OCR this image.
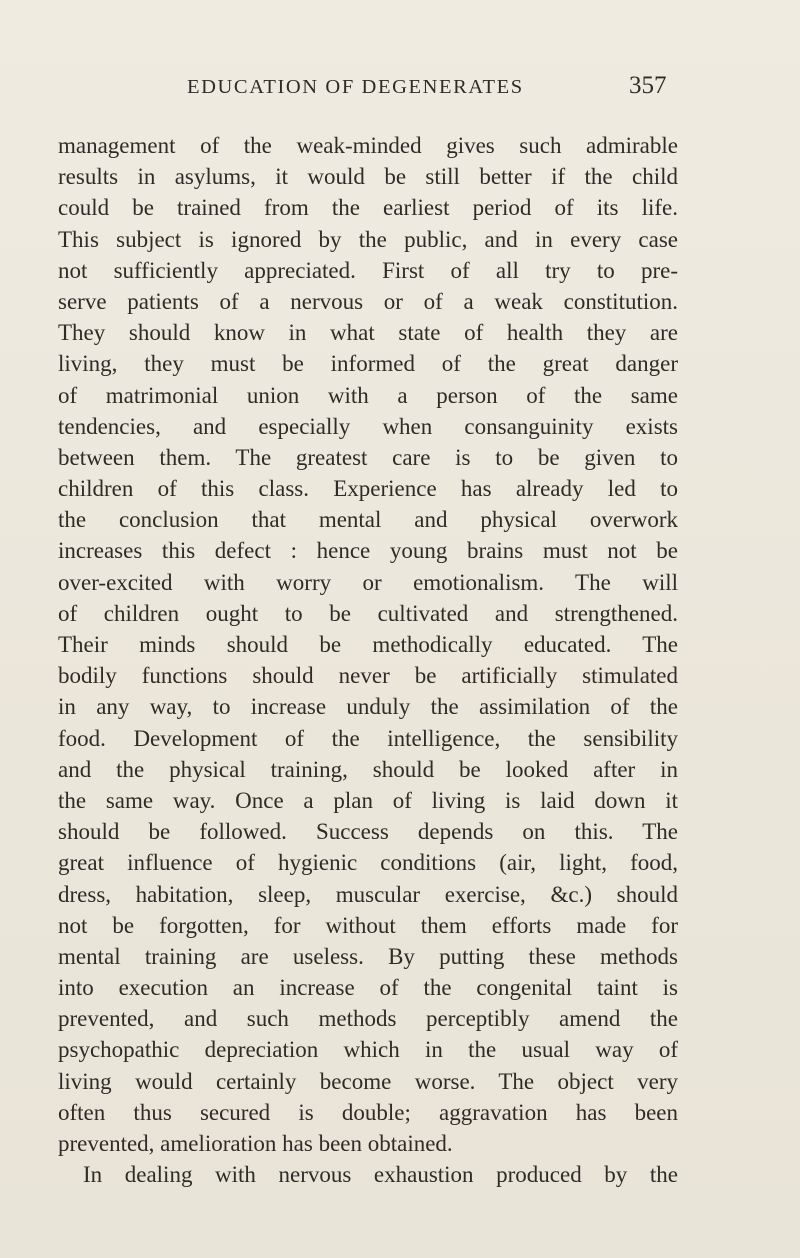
EDUCATION OF DEGENERATES	357
management of the weak-minded gives such admirable
results in asylums, it would be still better if the child
could be trained from the earliest period of its life.
This subject is ignored by the public, and in every case
not sufficiently appreciated. First of all try to pre-
serve patients of a nervous or of a weak constitution.
They should know in what state of health they are
living, they must be informed of the great danger
of matrimonial union with a person of the same
tendencies, and especially when consanguinity exists
between them. The greatest care is to be given to
children of this class. Experience has already led to
the conclusion that mental and physical overwork
increases this defect : hence young brains must not be
over-excited with worry or emotionalism. The will
of children ought to be cultivated and strengthened.
Their minds should be methodically educated. The
bodily functions should never be artificially stimulated
in any way, to increase unduly the assimilation of the
food. Development of the intelligence, the sensibility
and the physical training, should be looked after in
the same way. Once a plan of living is laid down it
should be followed. Success depends on this. The
great influence of hygienic conditions (air, light, food,
dress, habitation, sleep, muscular exercise, &c.) should
not be forgotten, for without them efforts made for
mental training are useless. By putting these methods
into execution an increase of the congenital taint is
prevented, and such methods perceptibly amend the
psychopathic depreciation which in the usual way of
living would certainly become worse. The object very
often thus secured is double; aggravation has been
prevented, amelioration has been obtained.
In dealing with nervous exhaustion produced by the
